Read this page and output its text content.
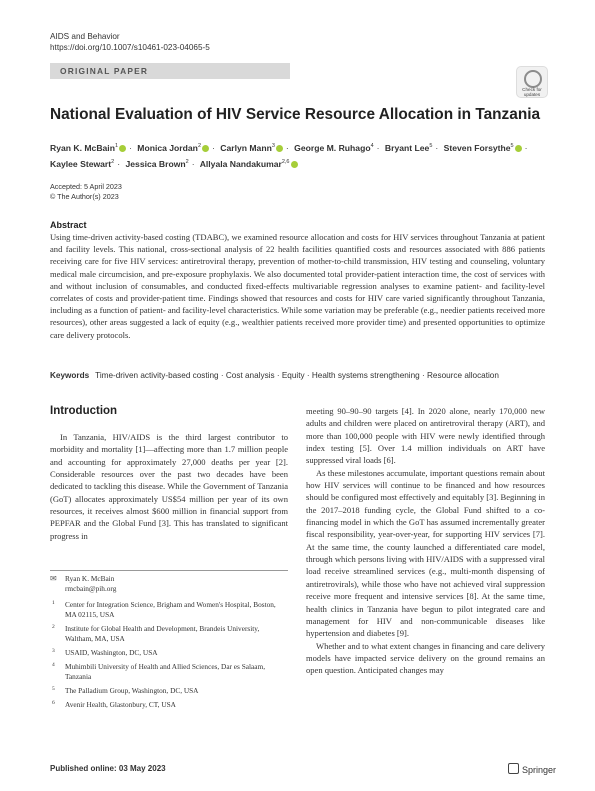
AIDS and Behavior
https://doi.org/10.1007/s10461-023-04065-5
ORIGINAL PAPER
Check for
updates
National Evaluation of HIV Service Resource Allocation in Tanzania
Ryan K. McBain$^1$ · Monica Jordan$^2$ · Carlyn Mann$^3$ · George M. Ruhago$^4$ · Bryant Lee$^5$ · Steven Forsythe$^5$ ·
Kaylee Stewart$^2$ · Jessica Brown$^2$ · Allyala Nandakumar$^{2,6}$
Accepted: 5 April 2023
© The Author(s) 2023
Abstract
Using time-driven activity-based costing (TDABC), we examined resource allocation and costs for HIV services throughout Tanzania at patient and facility levels. This national, cross-sectional analysis of 22 health facilities quantified costs and resources associated with 886 patients receiving care for five HIV services: antiretroviral therapy, prevention of mother-to-child transmission, HIV testing and counseling, voluntary medical male circumcision, and pre-exposure prophylaxis. We also documented total provider-patient interaction time, the cost of services with and without inclusion of consumables, and conducted fixed-effects multivariable regression analyses to examine patient- and facility-level correlates of costs and provider-patient time. Findings showed that resources and costs for HIV care varied significantly throughout Tanzania, including as a function of patient- and facility-level characteristics. While some variation may be preferable (e.g., needier patients received more resources), other areas suggested a lack of equity (e.g., wealthier patients received more provider time) and presented opportunities to optimize care delivery protocols.
Keywords Time-driven activity-based costing · Cost analysis · Equity · Health systems strengthening · Resource allocation
Introduction

In Tanzania, HIV/AIDS is the third largest contributor to morbidity and mortality [1]—affecting more than 1.7 million people and accounting for approximately 27,000 deaths per year [2]. Considerable resources over the past two decades have been dedicated to tackling this disease. While the Government of Tanzania (GoT) allocates approximately US$54 million per year of its own resources, it receives almost $600 million in financial support from PEPFAR and the Global Fund [3]. This has translated to significant progress in

meeting 90–90–90 targets [4]. In 2020 alone, nearly 170,000 new adults and children were placed on antiretroviral therapy (ART), and more than 100,000 people with HIV were newly identified through index testing [5]. Over 1.4 million individuals on ART have suppressed viral loads [6].

As these milestones accumulate, important questions remain about how HIV services will continue to be financed and how resources should be configured most effectively and equitably [3]. Beginning in the 2017–2018 funding cycle, the Global Fund shifted to a co-financing model in which the GoT has assumed incrementally greater fiscal responsibility, year-over-year, for supporting HIV services [7]. At the same time, the county launched a differentiated care model, through which persons living with HIV/AIDS with a suppressed viral load receive streamlined services (e.g., multi-month dispensing of antiretrovirals), while those who have not achieved viral suppression receive more frequent and intensive services [8]. At the same time, health clinics in Tanzania have begun to pilot integrated care and management for HIV and non-communicable diseases like hypertension and diabetes [9].

Whether and to what extent changes in financing and care delivery models have impacted service delivery on the ground remains an open question. Anticipated changes may

✉ Ryan K. McBain
rmcbain@pih.org
1 Center for Integration Science, Brigham and Women's Hospital, Boston, MA 02115, USA
2 Institute for Global Health and Development, Brandeis University, Waltham, MA, USA
3 USAID, Washington, DC, USA
4 Muhimbili University of Health and Allied Sciences, Dar es Salaam, Tanzania
5 The Palladium Group, Washington, DC, USA
6 Avenir Health, Glastonbury, CT, USA
Published online: 03 May 2023	Springer
